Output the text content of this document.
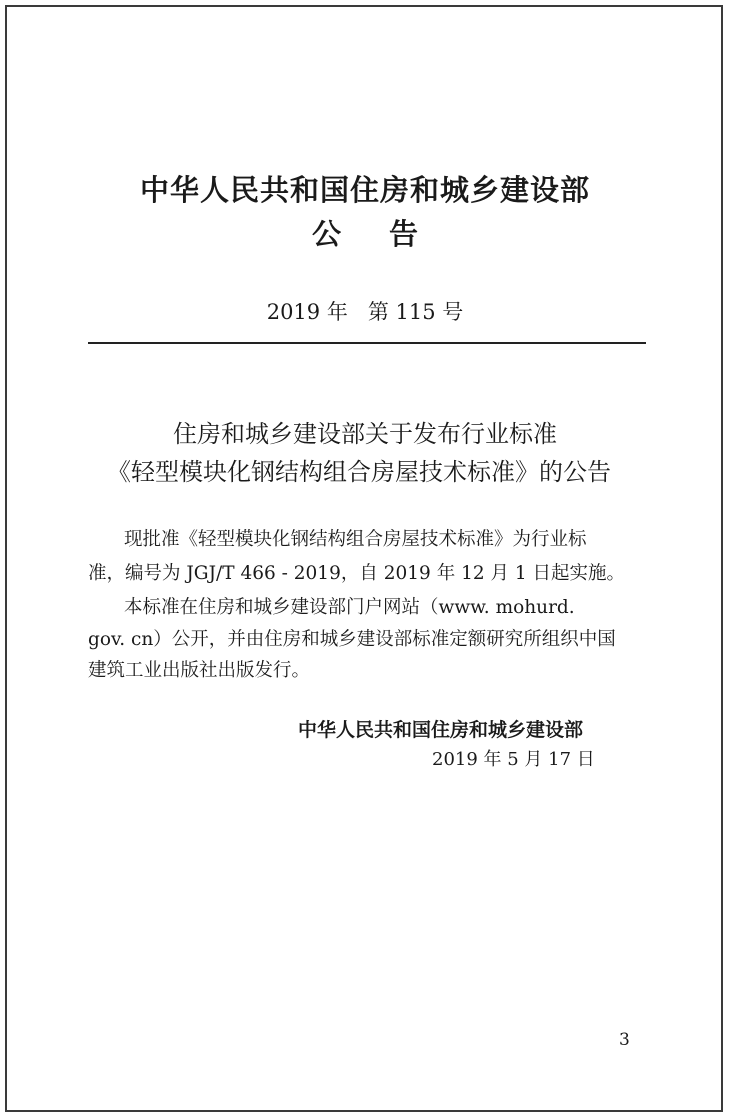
中华人民共和国住房和城乡建设部
公 告
2019 年   第 115 号
住房和城乡建设部关于发布行业标准
《轻型模块化钢结构组合房屋技术标准》的公告
现批准《轻型模块化钢结构组合房屋技术标准》为行业标
准，编号为 JGJ/T 466 - 2019，自 2019 年 12 月 1 日起实施。
本标准在住房和城乡建设部门户网站（www. mohurd.
gov. cn）公开，并由住房和城乡建设部标准定额研究所组织中国
建筑工业出版社出版发行。
中华人民共和国住房和城乡建设部
2019 年 5 月 17 日
3
